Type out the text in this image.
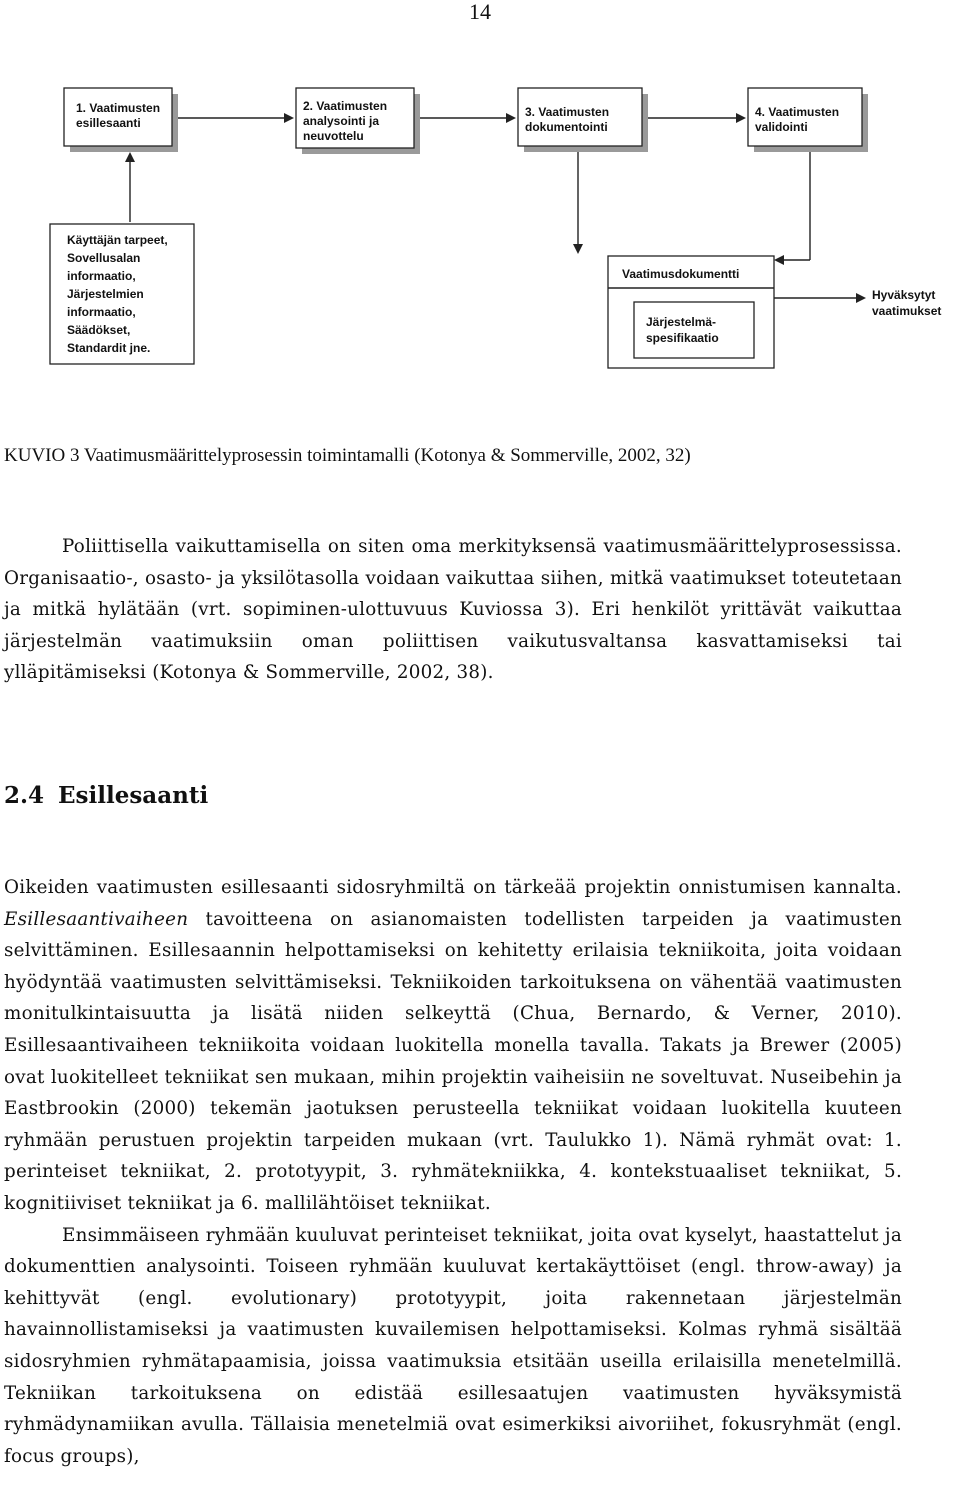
14
1. Vaatimusten esillesaanti
2. Vaatimusten analysointi ja neuvottelu
3. Vaatimusten dokumentointi
4. Vaatimusten validointi
Käyttäjän tarpeet, Sovellusalan informaatio, Järjestelmien informaatio, Säädökset, Standardit jne.
Vaatimusdokumentti
Järjestelmä-spesifikaatio
Hyväksytyt vaatimukset

KUVIO 3 Vaatimusmäärittelyprosessin toimintamalli (Kotonya & Sommerville, 2002, 32)

Poliittisella vaikuttamisella on siten oma merkityksensä vaatimusmäärittelyprosessissa. Organisaatio-, osasto- ja yksilötasolla voidaan vaikuttaa siihen, mitkä vaatimukset toteutetaan ja mitkä hylätään (vrt. sopiminen-ulottuvuus Kuviossa 3). Eri henkilöt yrittävät vaikuttaa järjestelmän vaatimuksiin oman poliittisen vaikutusvaltansa kasvattamiseksi tai ylläpitämiseksi (Kotonya & Sommerville, 2002, 38).

2.4 Esillesaanti

Oikeiden vaatimusten esillesaanti sidosryhmiltä on tärkeää projektin onnistumisen kannalta. Esillesaantivaiheen tavoitteena on asianomaisten todellisten tarpeiden ja vaatimusten selvittäminen. Esillesaannin helpottamiseksi on kehitetty erilaisia tekniikoita, joita voidaan hyödyntää vaatimusten selvittämiseksi. Tekniikoiden tarkoituksena on vähentää vaatimusten monitulkintaisuutta ja lisätä niiden selkeyttä (Chua, Bernardo, & Verner, 2010). Esillesaantivaiheen tekniikoita voidaan luokitella monella tavalla. Takats ja Brewer (2005) ovat luokitelleet tekniikat sen mukaan, mihin projektin vaiheisiin ne soveltuvat. Nuseibehin ja Eastbrookin (2000) tekemän jaotuksen perusteella tekniikat voidaan luokitella kuuteen ryhmään perustuen projektin tarpeiden mukaan (vrt. Taulukko 1). Nämä ryhmät ovat: 1. perinteiset tekniikat, 2. prototyypit, 3. ryhmätekniikka, 4. kontekstuaaliset tekniikat, 5. kognitiiviset tekniikat ja 6. mallilähtöiset tekniikat.

Ensimmäiseen ryhmään kuuluvat perinteiset tekniikat, joita ovat kyselyt, haastattelut ja dokumenttien analysointi. Toiseen ryhmään kuuluvat kertakäyttöiset (engl. throw-away) ja kehittyvät (engl. evolutionary) prototyypit, joita rakennetaan järjestelmän havainnollistamiseksi ja vaatimusten kuvailemisen helpottamiseksi. Kolmas ryhmä sisältää sidosryhmien ryhmätapaamisia, joissa vaatimuksia etsitään useilla erilaisilla menetelmillä. Tekniikan tarkoituksena on edistää esillesaatujen vaatimusten hyväksymistä ryhmädynamiikan avulla. Tällaisia menetelmiä ovat esimerkiksi aivoriihet, fokusryhmät (engl. focus groups),
